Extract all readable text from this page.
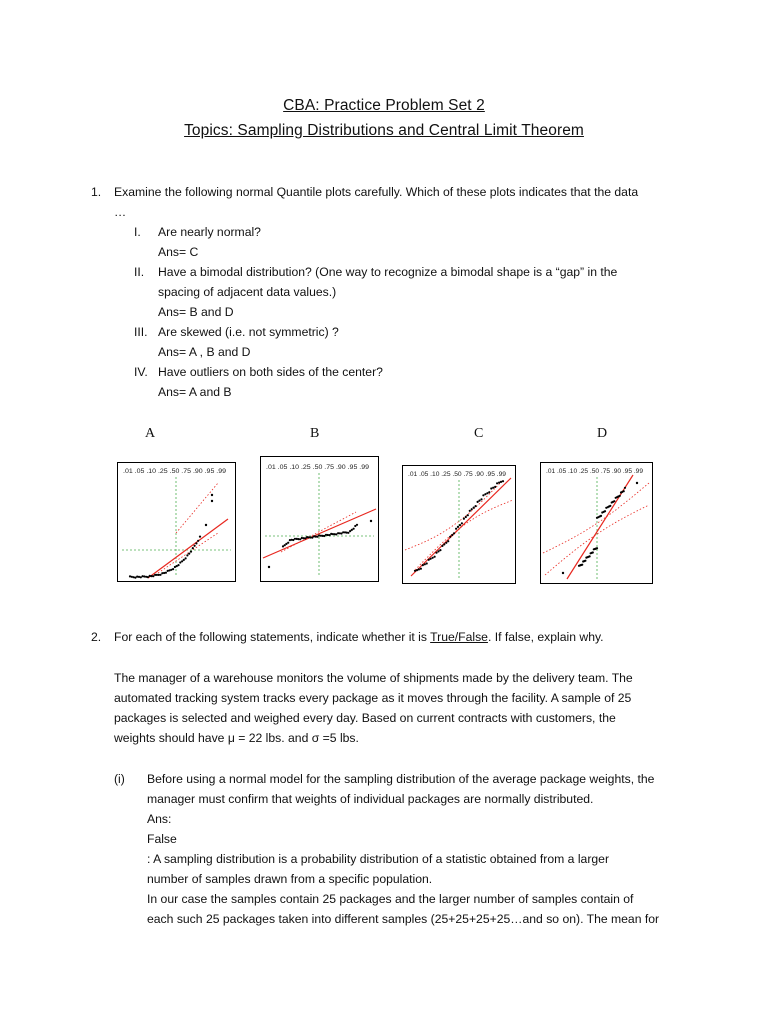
CBA: Practice Problem Set 2
Topics: Sampling Distributions and Central Limit Theorem
1. Examine the following normal Quantile plots carefully. Which of these plots indicates that the data
…
I. Are nearly normal?
Ans= C
II. Have a bimodal distribution? (One way to recognize a bimodal shape is a “gap” in the
spacing of adjacent data values.)
Ans= B and D
III. Are skewed (i.e. not symmetric) ?
Ans= A , B and D
IV. Have outliers on both sides of the center?
Ans= A and B
A	B	C	D
.01 .05 .10 .25 .50 .75 .90 .95 .99
.01 .05 .10 .25 .50 .75 .90 .95 .99
.01 .05 .10 .25 .50 .75 .90 .95 .99	.01 .05 .10 .25 .50 .75 .90 .95 .99
2. For each of the following statements, indicate whether it is True/False. If false, explain why.
The manager of a warehouse monitors the volume of shipments made by the delivery team. The
automated tracking system tracks every package as it moves through the facility. A sample of 25
packages is selected and weighed every day. Based on current contracts with customers, the
weights should have μ = 22 lbs. and σ =5 lbs.
(i) Before using a normal model for the sampling distribution of the average package weights, the
manager must confirm that weights of individual packages are normally distributed.
Ans:
False
: A sampling distribution is a probability distribution of a statistic obtained from a larger
number of samples drawn from a specific population.
In our case the samples contain 25 packages and the larger number of samples contain of
each such 25 packages taken into different samples (25+25+25+25…and so on). The mean for
